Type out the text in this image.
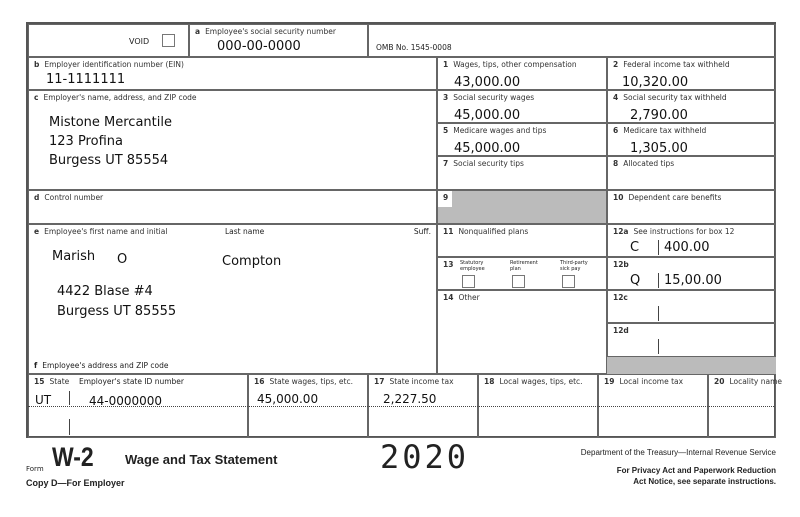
VOID
a Employee's social security number
000-00-0000	OMB No. 1545-0008
b Employer identification number (EIN)
11-1111111
c Employer's name, address, and ZIP code
Mistone Mercantile
123 Profina
Burgess UT 85554
d Control number
e Employee's first name and initial	Last name	Suff.
Marish O	Compton
4422 Blase #4
Burgess UT 85555
f Employee's address and ZIP code
1 Wages, tips, other compensation
43,000.00
2 Federal income tax withheld
10,320.00
3 Social security wages
45,000.00
4 Social security tax withheld
2,790.00
5 Medicare wages and tips
45,000.00
6 Medicare tax withheld
1,305.00
7 Social security tips	8 Allocated tips
9	10 Dependent care benefits
11 Nonqualified plans	12a See instructions for box 12
C 400.00
12b
Q 15,00.00
12c
12d
13	Statutory employee
Retirement plan
Third-party sick pay
14 Other
15 State Employer's state ID number
UT	44-0000000
16 State wages, tips, etc.
45,000.00
17 State income tax
2,227.50
18 Local wages, tips, etc.	19 Local income tax	20 Locality name
Form W-2 Wage and Tax Statement	2020
Copy D—For Employer
Department of the Treasury—Internal Revenue Service
For Privacy Act and Paperwork Reduction
Act Notice, see separate instructions.
